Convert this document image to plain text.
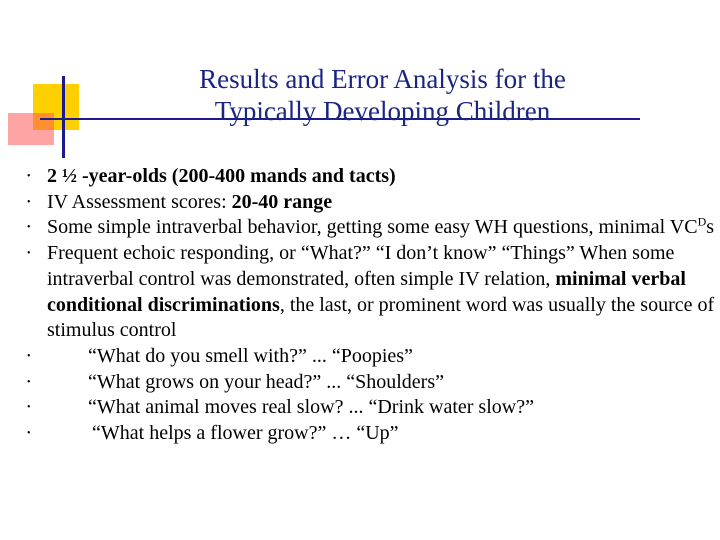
Results and Error Analysis for the
Typically Developing Children
• 2 ½ -year-olds (200-400 mands and tacts)
• IV Assessment scores: 20-40 range
• Some simple intraverbal behavior, getting some easy WH questions, minimal $VC^Ds$
• Frequent echoic responding, or “What?” “I don’t know” “Things” When some intraverbal control was demonstrated, often simple IV relation, minimal verbal conditional discriminations, the last, or prominent word was usually the source of stimulus control
•	“What do you smell with?” ... “Poopies”
•	“What grows on your head?” ... “Shoulders”
•	“What animal moves real slow? ... “Drink water slow?”
•	“What helps a flower grow?” … “Up”
